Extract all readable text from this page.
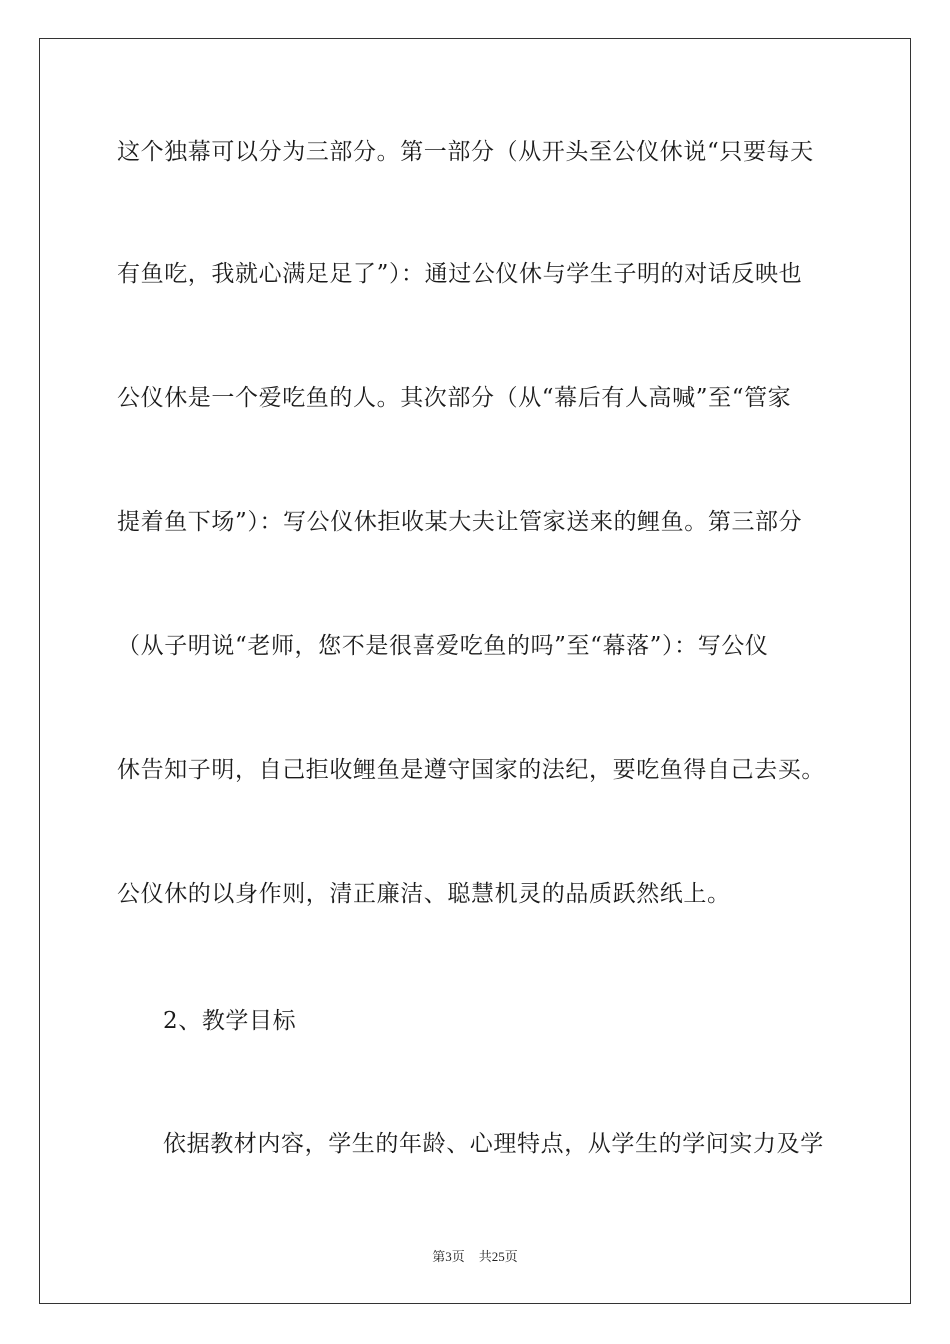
这个独幕可以分为三部分。第一部分（从开头至公仪休说“只要每天
有鱼吃，我就心满足足了”）：通过公仪休与学生子明的对话反映也
公仪休是一个爱吃鱼的人。其次部分（从“幕后有人高喊”至“管家
提着鱼下场”）：写公仪休拒收某大夫让管家送来的鲤鱼。第三部分
（从子明说“老师，您不是很喜爱吃鱼的吗”至“幕落”）：写公仪
休告知子明，自己拒收鲤鱼是遵守国家的法纪，要吃鱼得自己去买。
公仪休的以身作则，清正廉洁、聪慧机灵的品质跃然纸上。
2、教学目标
依据教材内容，学生的年龄、心理特点，从学生的学问实力及学
第3页 共25页
